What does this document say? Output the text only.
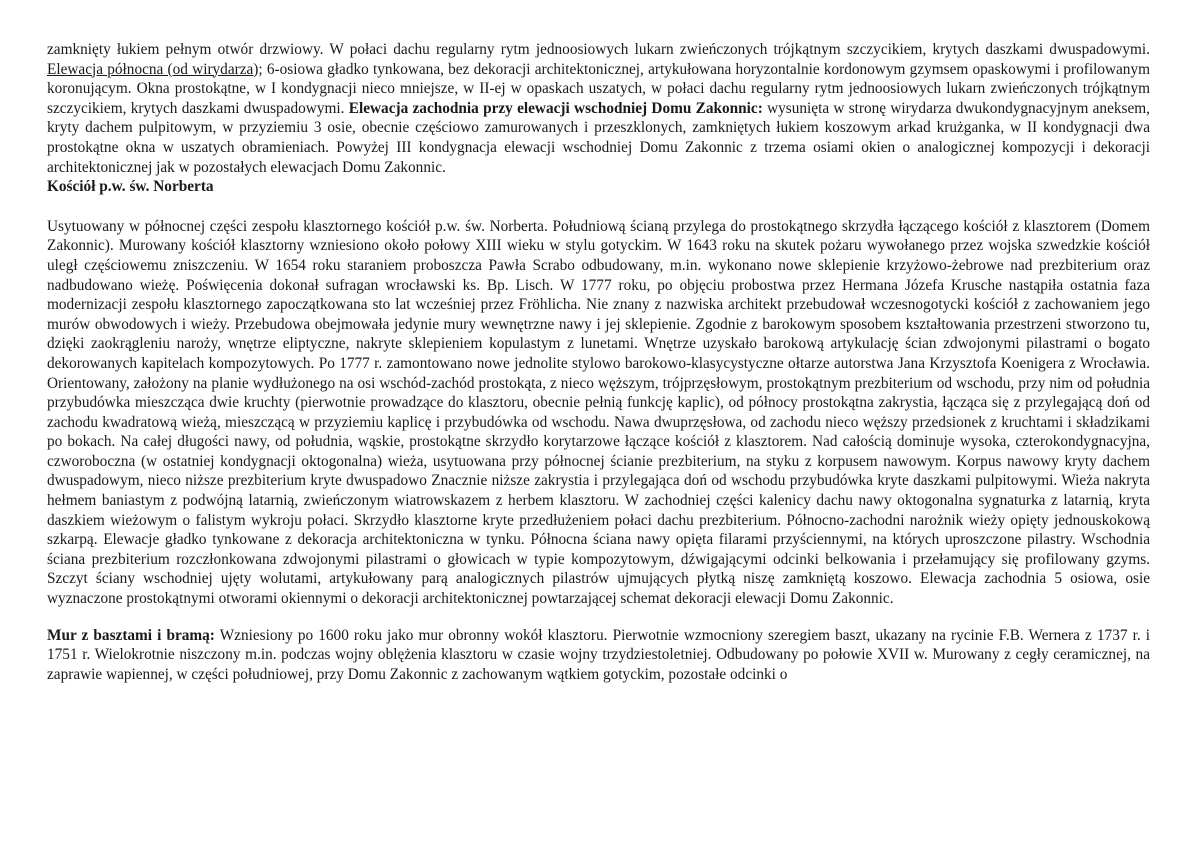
zamknięty łukiem pełnym otwór drzwiowy. W połaci dachu regularny rytm jednoosiowych lukarn zwieńczonych trójkątnym szczycikiem, krytych daszkami dwuspadowymi. Elewacja północna (od wirydarza); 6-osiowa gładko tynkowana, bez dekoracji architektonicznej, artykułowana horyzontalnie kordonowym gzymsem opaskowymi i profilowanym koronującym. Okna prostokątne, w I kondygnacji nieco mniejsze, w II-ej w opaskach uszatych, w połaci dachu regularny rytm jednoosiowych lukarn zwieńczonych trójkątnym szczycikiem, krytych daszkami dwuspadowymi. Elewacja zachodnia przy elewacji wschodniej Domu Zakonnic: wysunięta w stronę wirydarza dwukondygnacyjnym aneksem, kryty dachem pulpitowym, w przyziemiu 3 osie, obecnie częściowo zamurowanych i przeszklonych, zamkniętych łukiem koszowym arkad krużganka, w II kondygnacji dwa prostokątne okna w uszatych obramieniach. Powyżej III kondygnacja elewacji wschodniej Domu Zakonnic z trzema osiami okien o analogicznej kompozycji i dekoracji architektonicznej jak w pozostałych elewacjach Domu Zakonnic.

Kościół p.w. św. Norberta

Usytuowany w północnej części zespołu klasztornego kościół p.w. św. Norberta. Południową ścianą przylega do prostokątnego skrzydła łączącego kościół z klasztorem (Domem Zakonnic). Murowany kościół klasztorny wzniesiono około połowy XIII wieku w stylu gotyckim. W 1643 roku na skutek pożaru wywołanego przez wojska szwedzkie kościół uległ częściowemu zniszczeniu. W 1654 roku staraniem proboszcza Pawła Scrabo odbudowany, m.in. wykonano nowe sklepienie krzyżowo-żebrowe nad prezbiterium oraz nadbudowano wieżę. Poświęcenia dokonał sufragan wrocławski ks. Bp. Lisch. W 1777 roku, po objęciu probostwa przez Hermana Józefa Krusche nastąpiła ostatnia faza modernizacji zespołu klasztornego zapoczątkowana sto lat wcześniej przez Fröhlicha. Nie znany z nazwiska architekt przebudował wczesnogotycki kościół z zachowaniem jego murów obwodowych i wieży. Przebudowa obejmowała jedynie mury wewnętrzne nawy i jej sklepienie. Zgodnie z barokowym sposobem kształtowania przestrzeni stworzono tu, dzięki zaokrągleniu naroży, wnętrze eliptyczne, nakryte sklepieniem kopulastym z lunetami. Wnętrze uzyskało barokową artykulację ścian zdwojonymi pilastrami o bogato dekorowanych kapitelach kompozytowych. Po 1777 r. zamontowano nowe jednolite stylowo barokowo-klasycystyczne ołtarze autorstwa Jana Krzysztofa Koenigera z Wrocławia. Orientowany, założony na planie wydłużonego na osi wschód-zachód prostokąta, z nieco węższym, trójprzęsłowym, prostokątnym prezbiterium od wschodu, przy nim od południa przybudówka mieszcząca dwie kruchty (pierwotnie prowadzące do klasztoru, obecnie pełnią funkcję kaplic), od północy prostokątna zakrystia, łącząca się z przylegającą doń od zachodu kwadratową wieżą, mieszczącą w przyziemiu kaplicę i przybudówka od wschodu. Nawa dwuprzęsłowa, od zachodu nieco węższy przedsionek z kruchtami i składzikami po bokach. Na całej długości nawy, od południa, wąskie, prostokątne skrzydło korytarzowe łączące kościół z klasztorem. Nad całością dominuje wysoka, czterokondygnacyjna, czworoboczna (w ostatniej kondygnacji oktogonalna) wieża, usytuowana przy północnej ścianie prezbiterium, na styku z korpusem nawowym. Korpus nawowy kryty dachem dwuspadowym, nieco niższe prezbiterium kryte dwuspadowo Znacznie niższe zakrystia i przylegająca doń od wschodu przybudówka kryte daszkami pulpitowymi. Wieża nakryta hełmem baniastym z podwójną latarnią, zwieńczonym wiatrowskazem z herbem klasztoru. W zachodniej części kalenicy dachu nawy oktogonalna sygnaturka z latarnią, kryta daszkiem wieżowym o falistym wykroju połaci. Skrzydło klasztorne kryte przedłużeniem połaci dachu prezbiterium. Północno-zachodni narożnik wieży opięty jednouskokową szkarpą. Elewacje gładko tynkowane z dekoracja architektoniczna w tynku. Północna ściana nawy opięta filarami przyściennymi, na których uproszczone pilastry. Wschodnia ściana prezbiterium rozczłonkowana zdwojonymi pilastrami o głowicach w typie kompozytowym, dźwigającymi odcinki belkowania i przełamujący się profilowany gzyms. Szczyt ściany wschodniej ujęty wolutami, artykułowany parą analogicznych pilastrów ujmujących płytką niszę zamkniętą koszowo. Elewacja zachodnia 5 osiowa, osie wyznaczone prostokątnymi otworami okiennymi o dekoracji architektonicznej powtarzającej schemat dekoracji elewacji Domu Zakonnic.

Mur z basztami i bramą: Wzniesiony po 1600 roku jako mur obronny wokół klasztoru. Pierwotnie wzmocniony szeregiem baszt, ukazany na rycinie F.B. Wernera z 1737 r. i 1751 r. Wielokrotnie niszczony m.in. podczas wojny oblężenia klasztoru w czasie wojny trzydziestoletniej. Odbudowany po połowie XVII w. Murowany z cegły ceramicznej, na zaprawie wapiennej, w części południowej, przy Domu Zakonnic z zachowanym wątkiem gotyckim, pozostałe odcinki o
